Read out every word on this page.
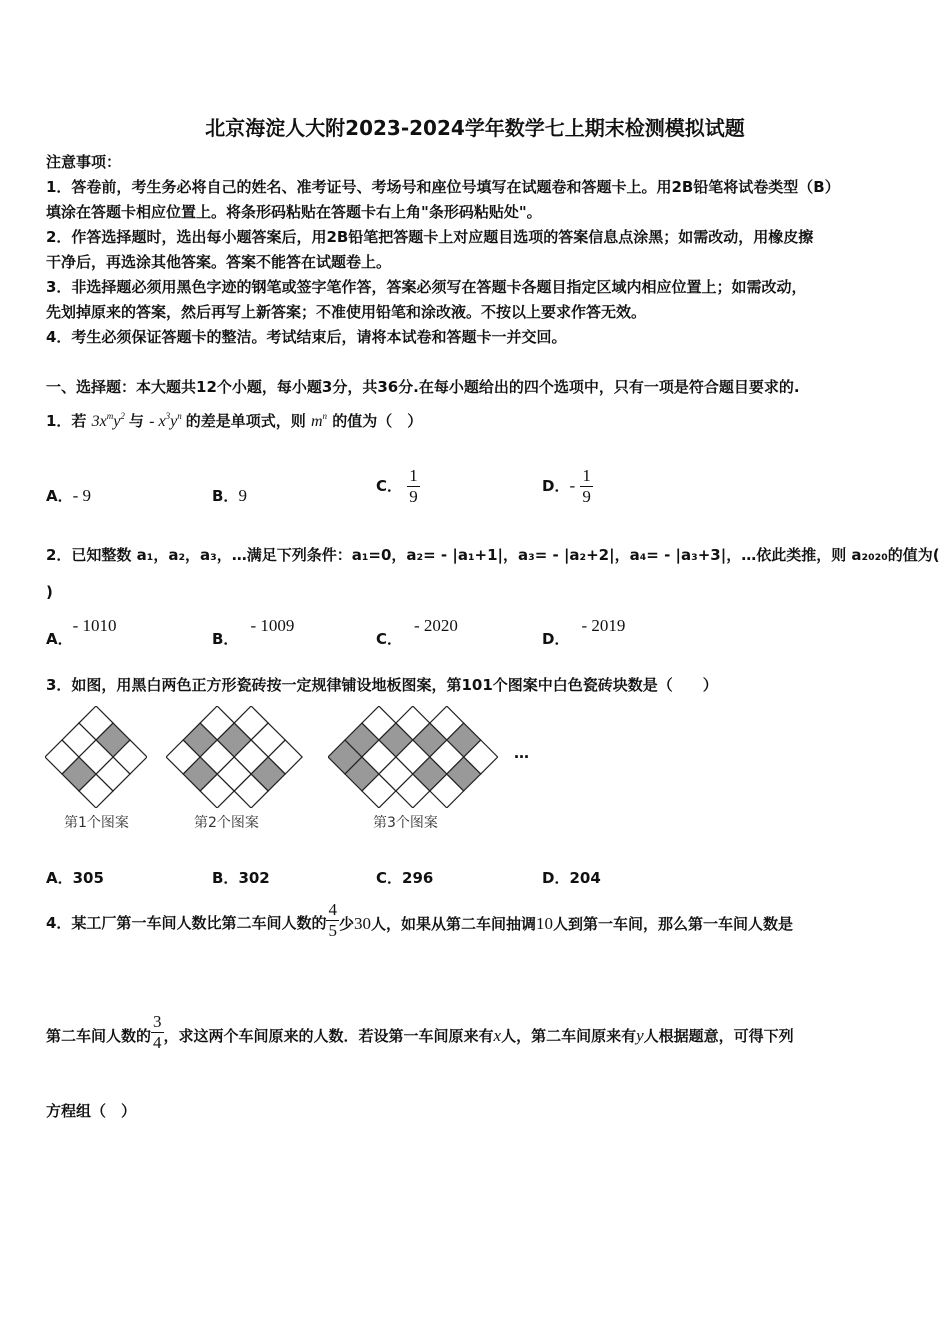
北京海淀人大附2023-2024学年数学七上期末检测模拟试题
注意事项：
1．答卷前，考生务必将自己的姓名、准考证号、考场号和座位号填写在试题卷和答题卡上。用2B铅笔将试卷类型（B）
填涂在答题卡相应位置上。将条形码粘贴在答题卡右上角"条形码粘贴处"。
2．作答选择题时，选出每小题答案后，用2B铅笔把答题卡上对应题目选项的答案信息点涂黑；如需改动，用橡皮擦
干净后，再选涂其他答案。答案不能答在试题卷上。
3．非选择题必须用黑色字迹的钢笔或签字笔作答，答案必须写在答题卡各题目指定区域内相应位置上；如需改动，
先划掉原来的答案，然后再写上新答案；不准使用铅笔和涂改液。不按以上要求作答无效。
4．考生必须保证答题卡的整洁。考试结束后，请将本试卷和答题卡一并交回。
一、选择题：本大题共12个小题，每小题3分，共36分.在每小题给出的四个选项中，只有一项是符合题目要求的.
1．若 $3x^my^2$ 与 - $x^3y^n$ 的差是单项式，则 $m^n$ 的值为（　）
A．- 9	B．9	C． $\frac{1}{9}$	D．- $\frac{1}{9}$
2．已知整数 a₁，a₂，a₃，…满足下列条件：a₁=0，a₂= - |a₁+1|，a₃= - |a₂+2|，a₄= - |a₃+3|，…依此类推，则 a₂₀₂₀的值为(
)
A．- 1010
B．- 1009
C．- 2020
D．- 2019
3．如图，用黑白两色正方形瓷砖按一定规律铺设地板图案，第101个图案中白色瓷砖块数是（　　）
…
第1个图案	第2个图案	第3个图案
A．305	B．302	C．296	D．204
4．某工厂第一车间人数比第二车间人数的 $\frac{4}{5}$ 少30人，如果从第二车间抽调10人到第一车间，那么第一车间人数是
第二车间人数的 $\frac{3}{4}$ ，求这两个车间原来的人数．若设第一车间原来有x人，第二车间原来有y人根据题意，可得下列
方程组（　）
